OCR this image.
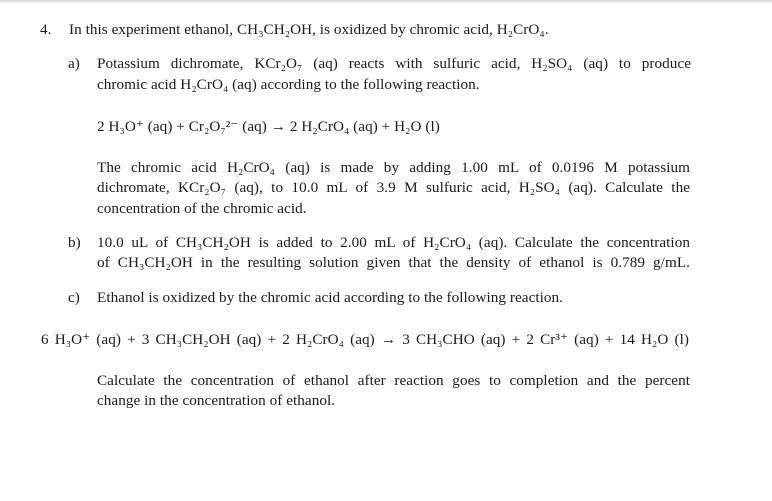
4. In this experiment ethanol, CH₃CH₂OH, is oxidized by chromic acid, H₂CrO₄.
a) Potassium dichromate, KCr₂O₇ (aq) reacts with sulfuric acid, H₂SO₄ (aq) to produce
chromic acid H₂CrO₄ (aq) according to the following reaction.
2 H₃O⁺ (aq) + Cr₂O₇²⁻ (aq) → 2 H₂CrO₄ (aq) + H₂O (l)
The chromic acid H₂CrO₄ (aq) is made by adding 1.00 mL of 0.0196 M potassium
dichromate, KCr₂O₇ (aq), to 10.0 mL of 3.9 M sulfuric acid, H₂SO₄ (aq). Calculate the
concentration of the chromic acid.
b) 10.0 uL of CH₃CH₂OH is added to 2.00 mL of H₂CrO₄ (aq). Calculate the concentration
of CH₃CH₂OH in the resulting solution given that the density of ethanol is 0.789 g/mL.
c) Ethanol is oxidized by the chromic acid according to the following reaction.
6 H₃O⁺ (aq) + 3 CH₃CH₂OH (aq) + 2 H₂CrO₄ (aq) → 3 CH₃CHO (aq) + 2 Cr³⁺ (aq) + 14 H₂O (l)
Calculate the concentration of ethanol after reaction goes to completion and the percent
change in the concentration of ethanol.
